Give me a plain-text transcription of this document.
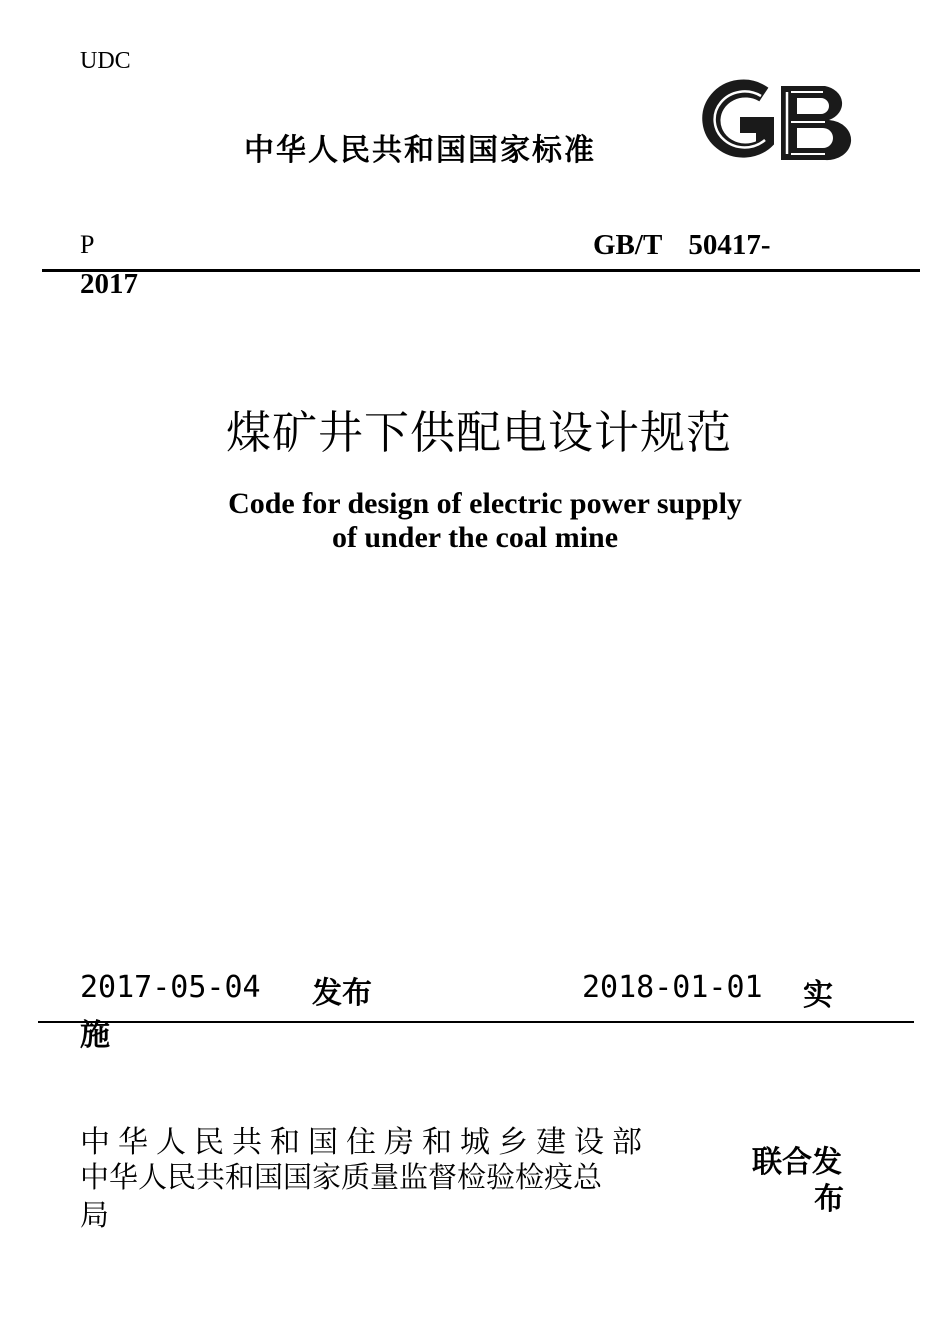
UDC
中华人民共和国国家标准
P	GB/T 50417-
2017
煤矿井下供配电设计规范
Code for design of electric power supply
of under the coal mine
2017-05-04 发布	2018-01-01 实
施
中华人民共和国住房和城乡建设部
中华人民共和国国家质量监督检验检疫总
局
联合发
布
